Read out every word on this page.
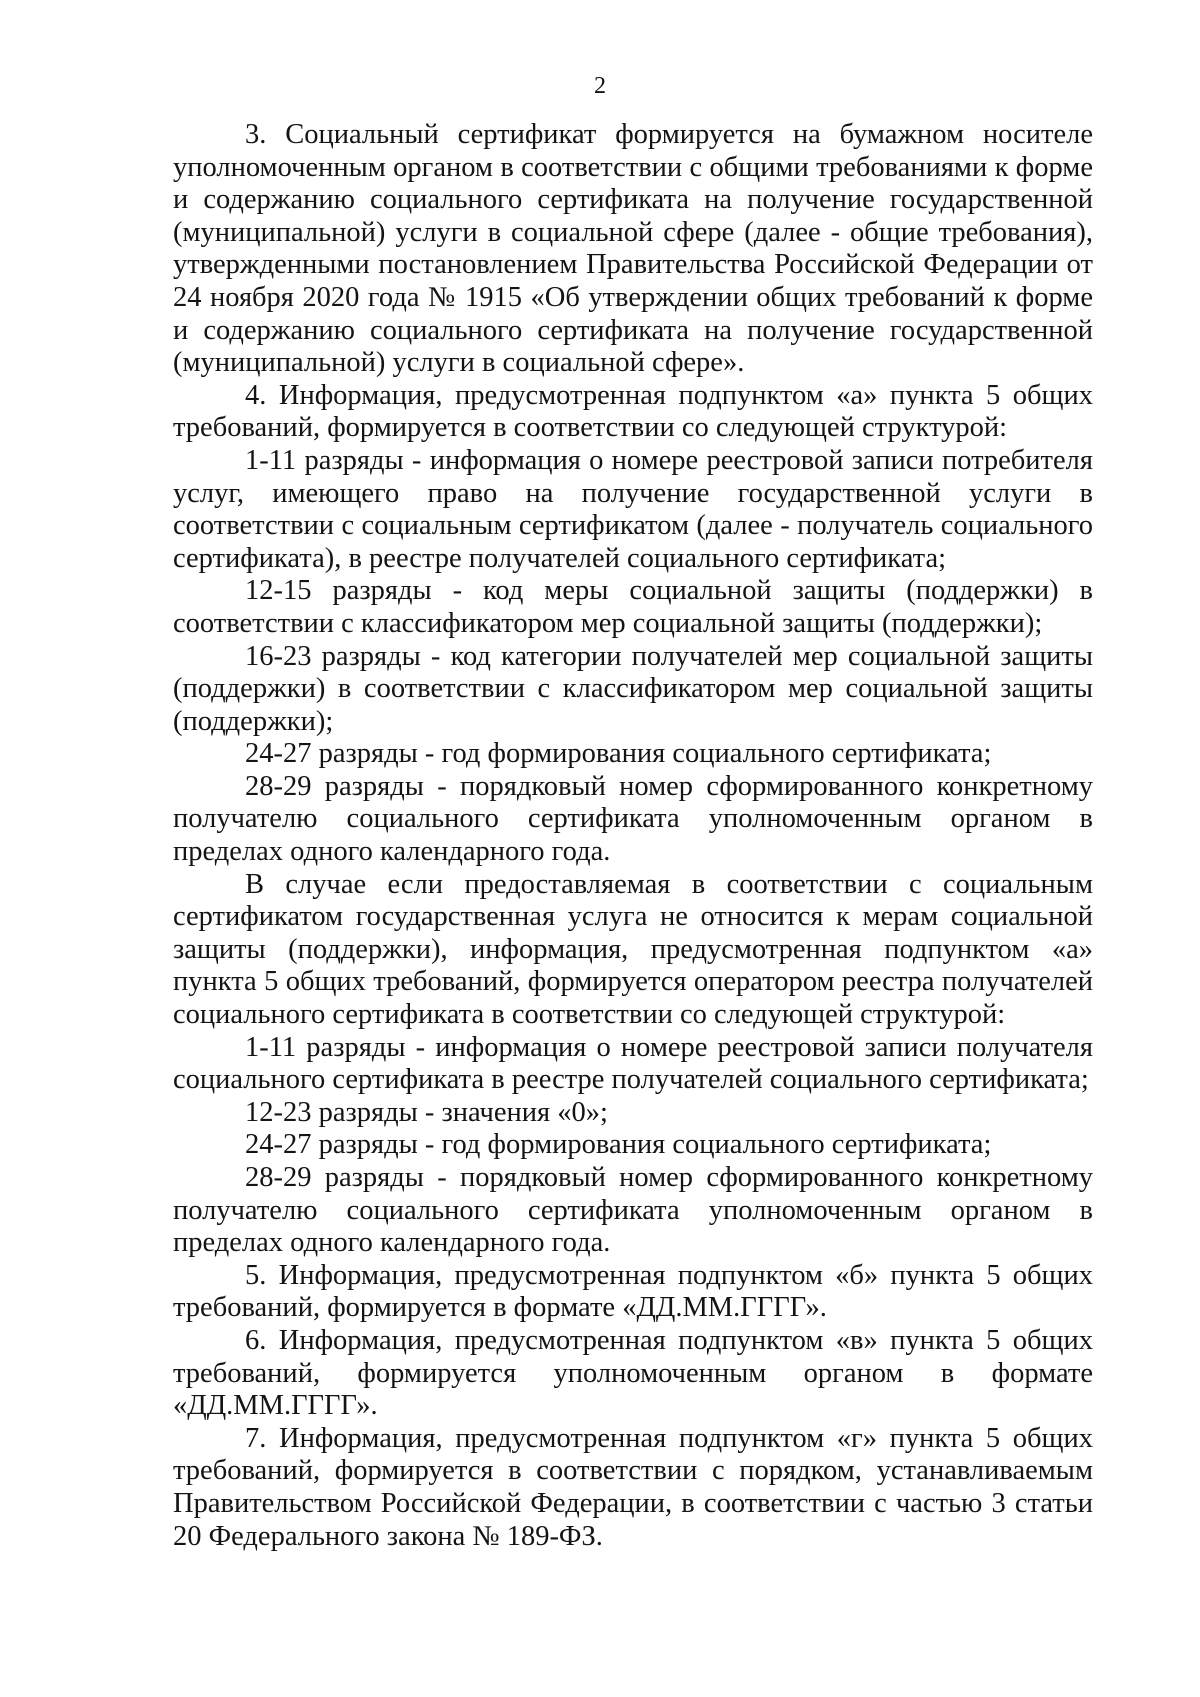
2

3. Социальный сертификат формируется на бумажном носителе уполномоченным органом в соответствии с общими требованиями к форме и содержанию социального сертификата на получение государственной (муниципальной) услуги в социальной сфере (далее - общие требования), утвержденными постановлением Правительства Российской Федерации от 24 ноября 2020 года № 1915 «Об утверждении общих требований к форме и содержанию социального сертификата на получение государственной (муниципальной) услуги в социальной сфере».

4. Информация, предусмотренная подпунктом «а» пункта 5 общих требований, формируется в соответствии со следующей структурой:

1-11 разряды - информация о номере реестровой записи потребителя услуг, имеющего право на получение государственной услуги в соответствии с социальным сертификатом (далее - получатель социального сертификата), в реестре получателей социального сертификата;

12-15 разряды - код меры социальной защиты (поддержки) в соответствии с классификатором мер социальной защиты (поддержки);

16-23 разряды - код категории получателей мер социальной защиты (поддержки) в соответствии с классификатором мер социальной защиты (поддержки);

24-27 разряды - год формирования социального сертификата;

28-29 разряды - порядковый номер сформированного конкретному получателю социального сертификата уполномоченным органом в пределах одного календарного года.

В случае если предоставляемая в соответствии с социальным сертификатом государственная услуга не относится к мерам социальной защиты (поддержки), информация, предусмотренная подпунктом «а» пункта 5 общих требований, формируется оператором реестра получателей социального сертификата в соответствии со следующей структурой:

1-11 разряды - информация о номере реестровой записи получателя социального сертификата в реестре получателей социального сертификата;

12-23 разряды - значения «0»;

24-27 разряды - год формирования социального сертификата;

28-29 разряды - порядковый номер сформированного конкретному получателю социального сертификата уполномоченным органом в пределах одного календарного года.

5. Информация, предусмотренная подпунктом «б» пункта 5 общих требований, формируется в формате «ДД.ММ.ГГГГ».

6. Информация, предусмотренная подпунктом «в» пункта 5 общих требований, формируется уполномоченным органом в формате «ДД.ММ.ГГГГ».

7. Информация, предусмотренная подпунктом «г» пункта 5 общих требований, формируется в соответствии с порядком, устанавливаемым Правительством Российской Федерации, в соответствии с частью 3 статьи 20 Федерального закона № 189-ФЗ.
